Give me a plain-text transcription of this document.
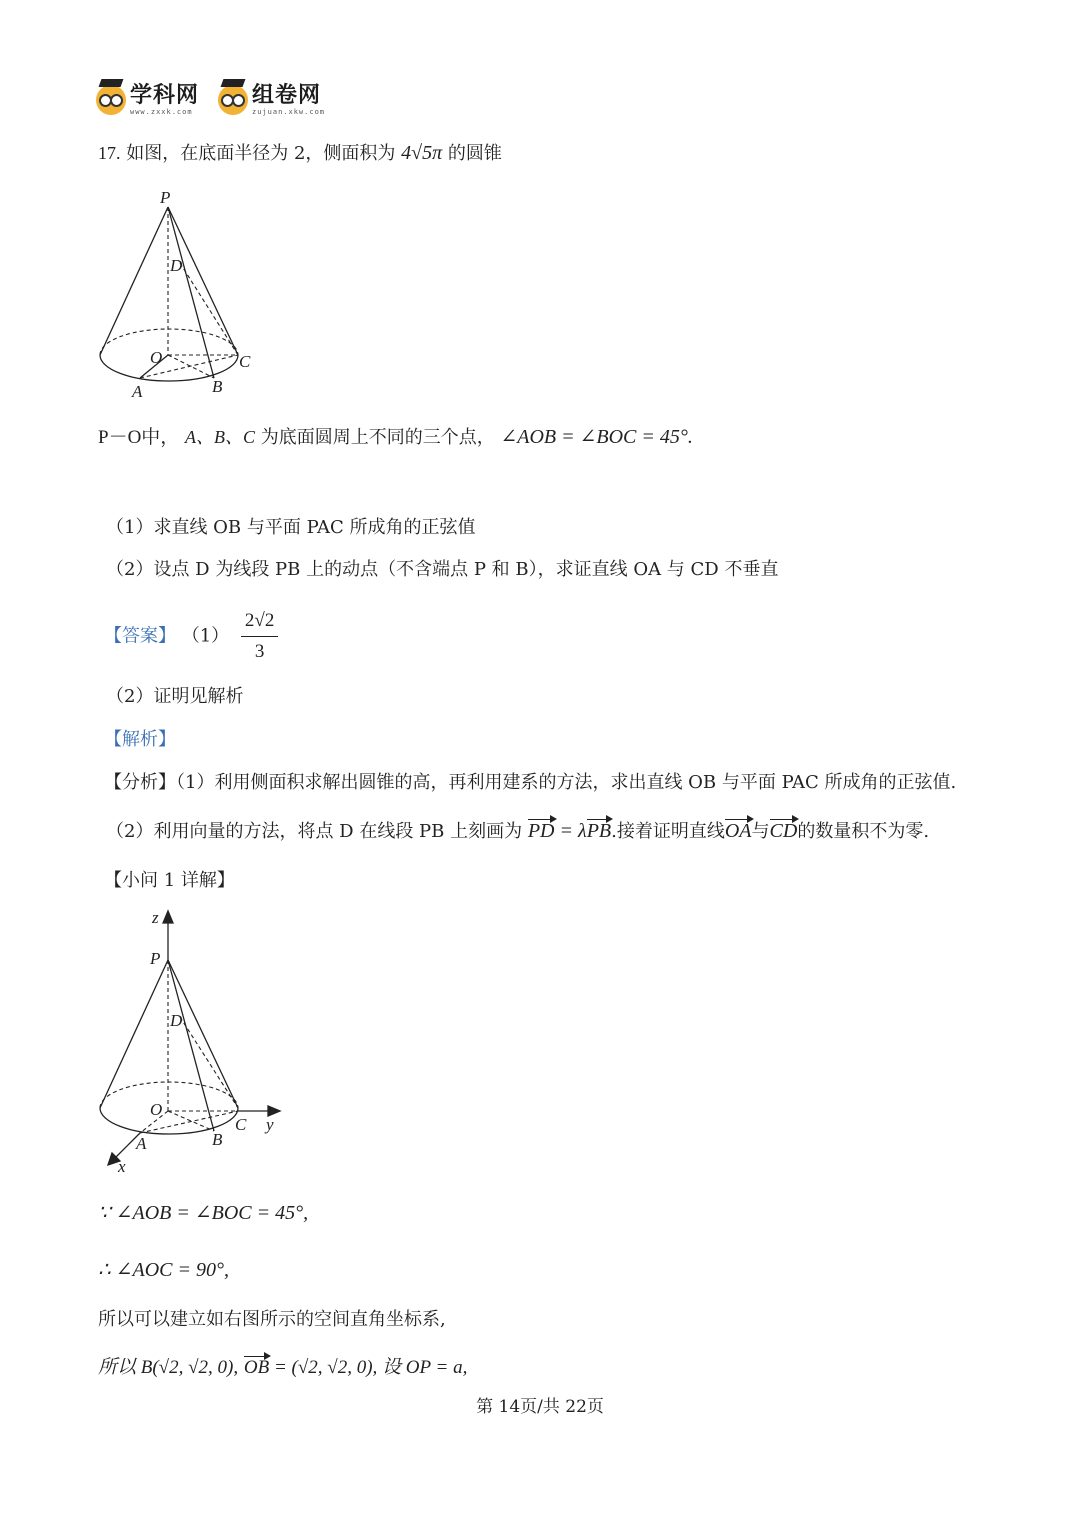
学科网
www.zxxk.com
组卷网
zujuan.xkw.com
17. 如图，在底面半径为 2，侧面积为 4√5π 的圆锥
P
D
O
A	B
C
P－O中， A、B、C 为底面圆周上不同的三个点， ∠AOB = ∠BOC = 45°.
（1）求直线 OB 与平面 PAC 所成角的正弦值
（2）设点 D 为线段 PB 上的动点（不含端点 P 和 B），求证直线 OA 与 CD 不垂直
【答案】 $(1) \frac{2√2}{3}$
（2）证明见解析
【解析】
【分析】（1）利用侧面积求解出圆锥的高，再利用建系的方法，求出直线 OB 与平面 PAC 所成角的正弦值.
（2）利用向量的方法，将点 D 在线段 PB 上刻画为 PD = λPB.接着证明直线OA与CD的数量积不为零.
【小问 1 详解】
z
P
D
O
A	B
C y
x
∵ ∠AOB = ∠BOC = 45°,
∴ ∠AOC = 90°,
所以可以建立如右图所示的空间直角坐标系,
所以 B(√2, √2, 0), OB = (√2, √2, 0), 设 OP = a,
第 14页/共 22页
